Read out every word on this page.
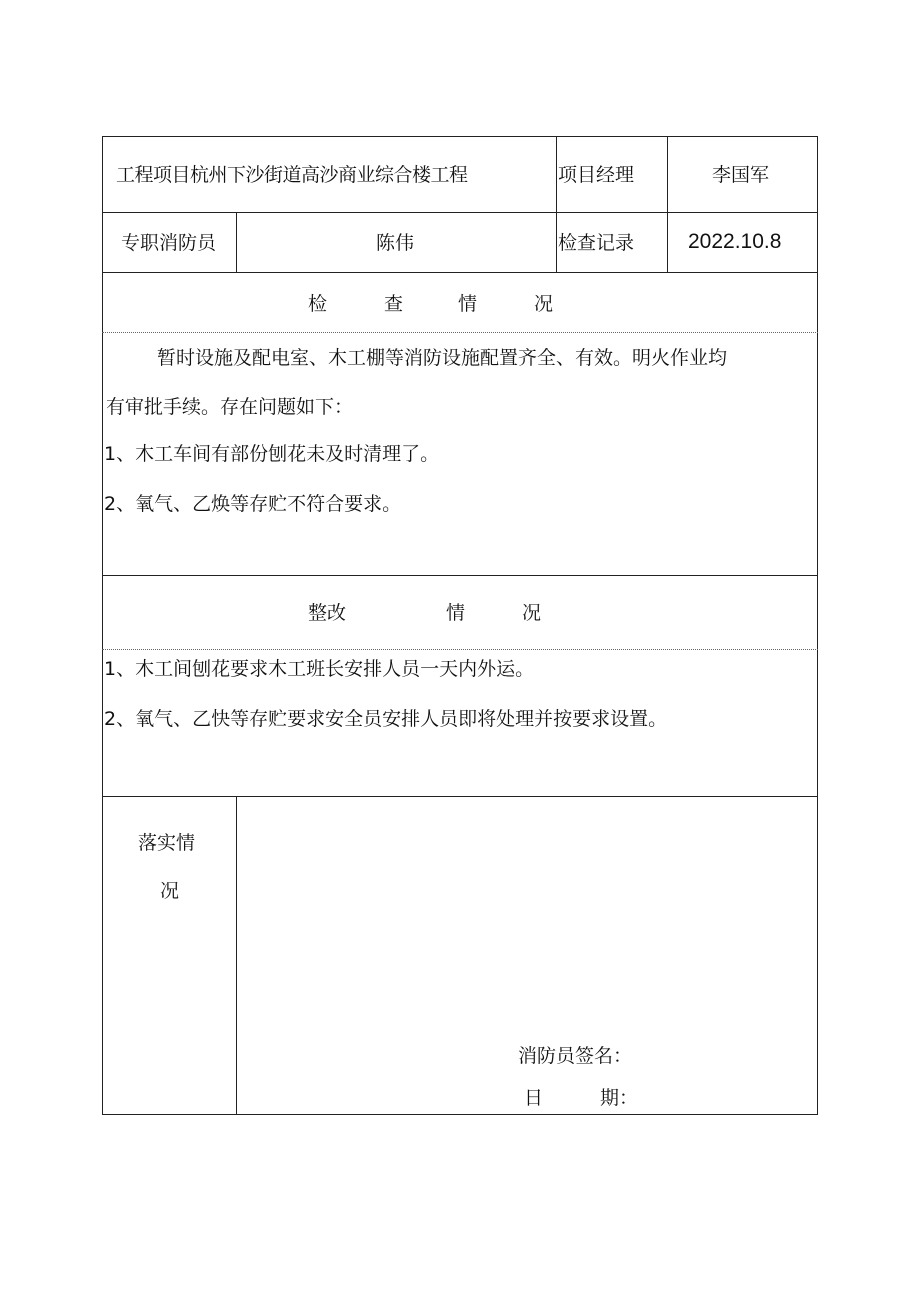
工程项目杭州下沙街道高沙商业综合楼工程	项目经理	李国军
专职消防员	陈伟	检查记录	2022.10.8
检	查	情	况
暂时设施及配电室、木工棚等消防设施配置齐全、有效。明火作业均
有审批手续。存在问题如下：
1、木工车间有部份刨花未及时清理了。
2、氧气、乙焕等存贮不符合要求。
整改	情	况
1、木工间刨花要求木工班长安排人员一天内外运。
2、氧气、乙快等存贮要求安全员安排人员即将处理并按要求设置。
落实情
况
消防员签名：
日	期：
